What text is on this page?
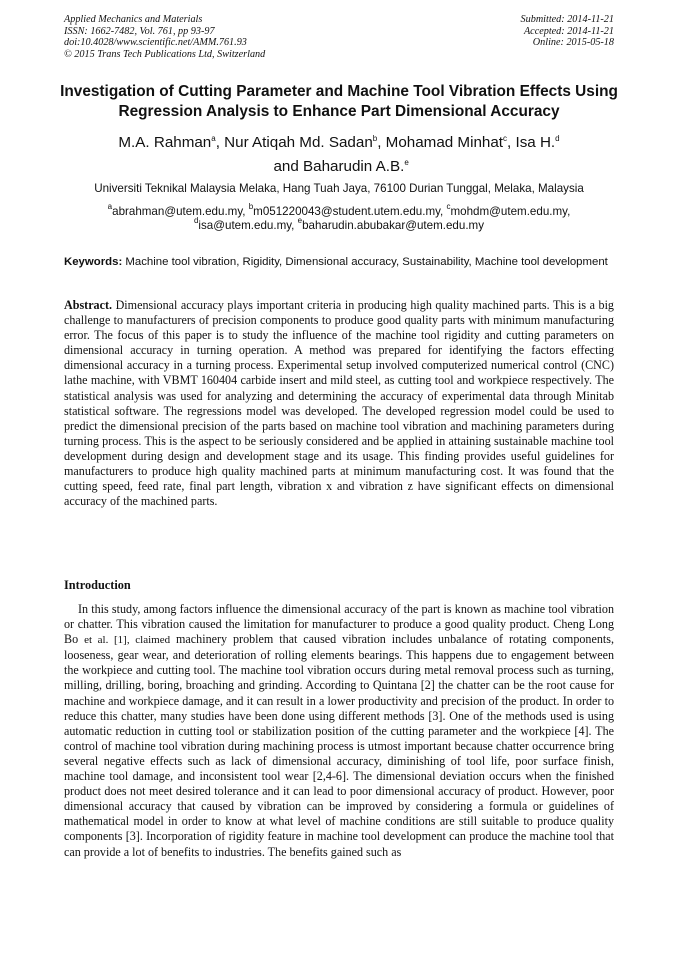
Applied Mechanics and Materials
ISSN: 1662-7482, Vol. 761, pp 93-97
doi:10.4028/www.scientific.net/AMM.761.93
© 2015 Trans Tech Publications Ltd, Switzerland
Submitted: 2014-11-21
Accepted: 2014-11-21
Online: 2015-05-18
Investigation of Cutting Parameter and Machine Tool Vibration Effects Using Regression Analysis to Enhance Part Dimensional Accuracy
M.A. Rahman$^a$, Nur Atiqah Md. Sadan$^b$, Mohamad Minhat$^c$, Isa H.$^d$
and Baharudin A.B.$^e$
Universiti Teknikal Malaysia Melaka, Hang Tuah Jaya, 76100 Durian Tunggal, Melaka, Malaysia
$^a$abrahman@utem.edu.my, $^b$m051220043@student.utem.edu.my, $^c$mohdm@utem.edu.my,
$^d$isa@utem.edu.my, $^e$baharudin.abubakar@utem.edu.my
Keywords: Machine tool vibration, Rigidity, Dimensional accuracy, Sustainability, Machine tool development
Abstract. Dimensional accuracy plays important criteria in producing high quality machined parts. This is a big challenge to manufacturers of precision components to produce good quality parts with minimum manufacturing error. The focus of this paper is to study the influence of the machine tool rigidity and cutting parameters on dimensional accuracy in turning operation. A method was prepared for identifying the factors effecting dimensional accuracy in a turning process. Experimental setup involved computerized numerical control (CNC) lathe machine, with VBMT 160404 carbide insert and mild steel, as cutting tool and workpiece respectively. The statistical analysis was used for analyzing and determining the accuracy of experimental data through Minitab statistical software. The regressions model was developed. The developed regression model could be used to predict the dimensional precision of the parts based on machine tool vibration and machining parameters during turning process. This is the aspect to be seriously considered and be applied in attaining sustainable machine tool development during design and development stage and its usage. This finding provides useful guidelines for manufacturers to produce high quality machined parts at minimum manufacturing cost. It was found that the cutting speed, feed rate, final part length, vibration x and vibration z have significant effects on dimensional accuracy of the machined parts.
Introduction
In this study, among factors influence the dimensional accuracy of the part is known as machine tool vibration or chatter. This vibration caused the limitation for manufacturer to produce a good quality product. Cheng Long Bo et al. [1], claimed machinery problem that caused vibration includes unbalance of rotating components, looseness, gear wear, and deterioration of rolling elements bearings. This happens due to engagement between the workpiece and cutting tool. The machine tool vibration occurs during metal removal process such as turning, milling, drilling, boring, broaching and grinding. According to Quintana [2] the chatter can be the root cause for machine and workpiece damage, and it can result in a lower productivity and precision of the product. In order to reduce this chatter, many studies have been done using different methods [3]. One of the methods used is using automatic reduction in cutting tool or stabilization position of the cutting parameter and the workpiece [4]. The control of machine tool vibration during machining process is utmost important because chatter occurrence bring several negative effects such as lack of dimensional accuracy, diminishing of tool life, poor surface finish, machine tool damage, and inconsistent tool wear [2,4-6]. The dimensional deviation occurs when the finished product does not meet desired tolerance and it can lead to poor dimensional accuracy of product. However, poor dimensional accuracy that caused by vibration can be improved by considering a formula or guidelines of mathematical model in order to know at what level of machine conditions are still suitable to produce quality components [3]. Incorporation of rigidity feature in machine tool development can produce the machine tool that can provide a lot of benefits to industries. The benefits gained such as
